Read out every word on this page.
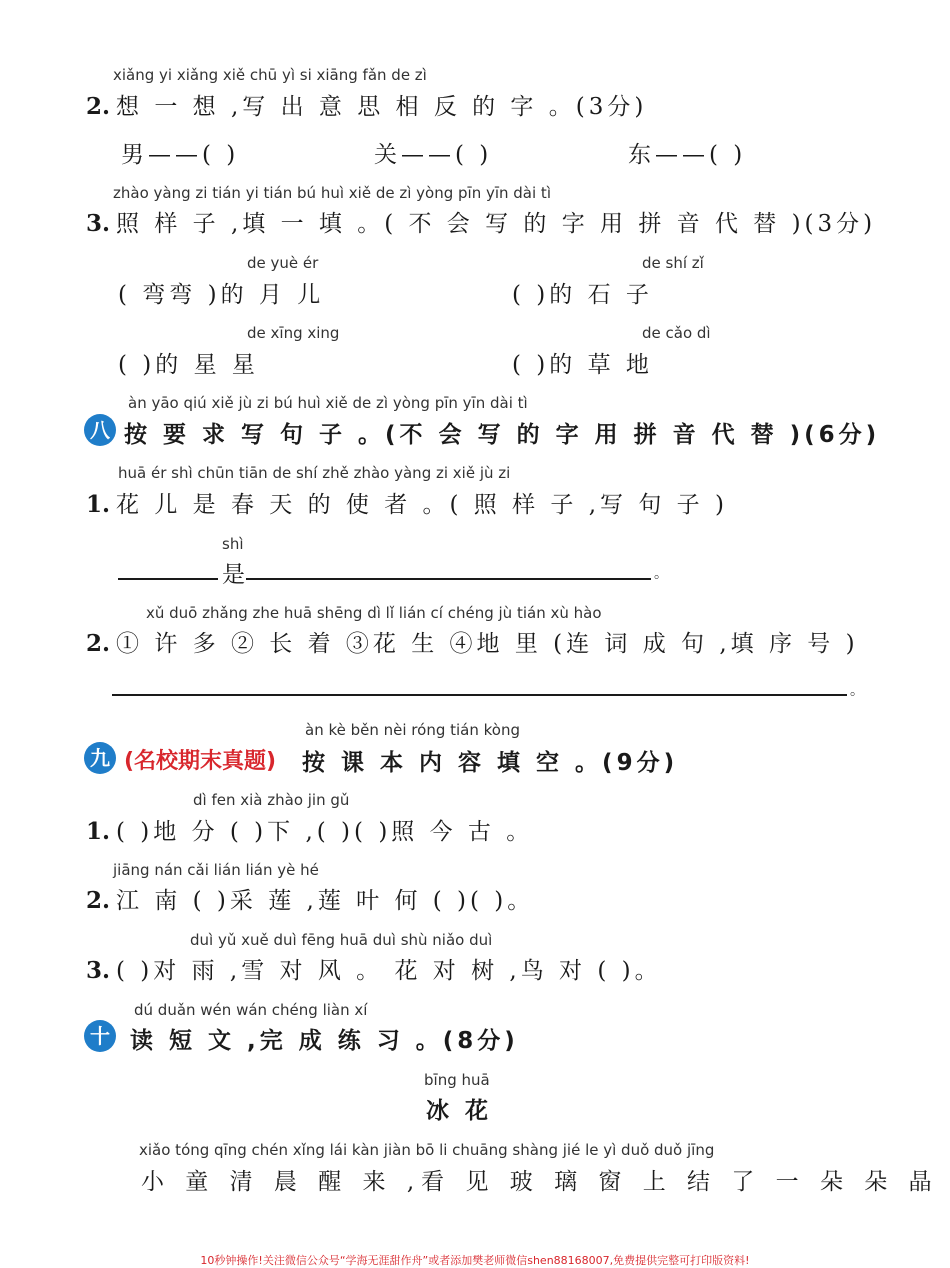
xiǎng yi xiǎng xiě chū yì si xiāng fǎn de zì
2. 想 一 想 ,写 出 意 思 相 反 的 字 。(3分)
男——( )	关——( )	东——( )
zhào yàng zi tián yi tián bú huì xiě de zì yòng pīn yīn dài tì
3. 照 样 子 ,填 一 填 。( 不 会 写 的 字 用 拼 音 代 替 )(3分)
de yuè ér
( 弯弯 )的 月 儿
de shí zǐ
( )的 石 子
de xīng xing
( )的 星 星
de cǎo dì
( )的 草 地
àn yāo qiú xiě jù zi bú huì xiě de zì yòng pīn yīn dài tì
八 按 要 求 写 句 子 。(不 会 写 的 字 用 拼 音 代 替 )(6分)
huā ér shì chūn tiān de shí zhě zhào yàng zi xiě jù zi
1. 花 儿 是 春 天 的 使 者 。( 照 样 子 ,写 句 子 )
shì
是	。
xǔ duō zhǎng zhe huā shēng dì lǐ lián cí chéng jù tián xù hào
2. ① 许 多 ② 长 着 ③花 生 ④地 里 (连 词 成 句 ,填 序 号 )
。
àn kè běn nèi róng tián kòng
九 (名校期末真题) 按 课 本 内 容 填 空 。(9分)
dì fen xià zhào jin gǔ
1. ( )地 分 ( )下 ,( )( )照 今 古 。
jiāng nán cǎi lián lián yè hé
2. 江 南 ( )采 莲 ,莲 叶 何 ( )( )。
duì yǔ xuě duì fēng huā duì shù niǎo duì
3. ( )对 雨 ,雪 对 风 。 花 对 树 ,鸟 对 ( )。
dú duǎn wén wán chéng liàn xí
十 读 短 文 ,完 成 练 习 。(8分)
bīng huā
冰 花
xiǎo tóng qīng chén xǐng lái kàn jiàn bō li chuāng shàng jié le yì duǒ duǒ jīng
小 童 清 晨 醒 来 ,看 见 玻 璃 窗 上 结 了 一 朵 朵 晶
10秒钟操作!关注微信公众号“学海无涯甜作舟”或者添加樊老师微信shen88168007,免费提供完整可打印版资料!
